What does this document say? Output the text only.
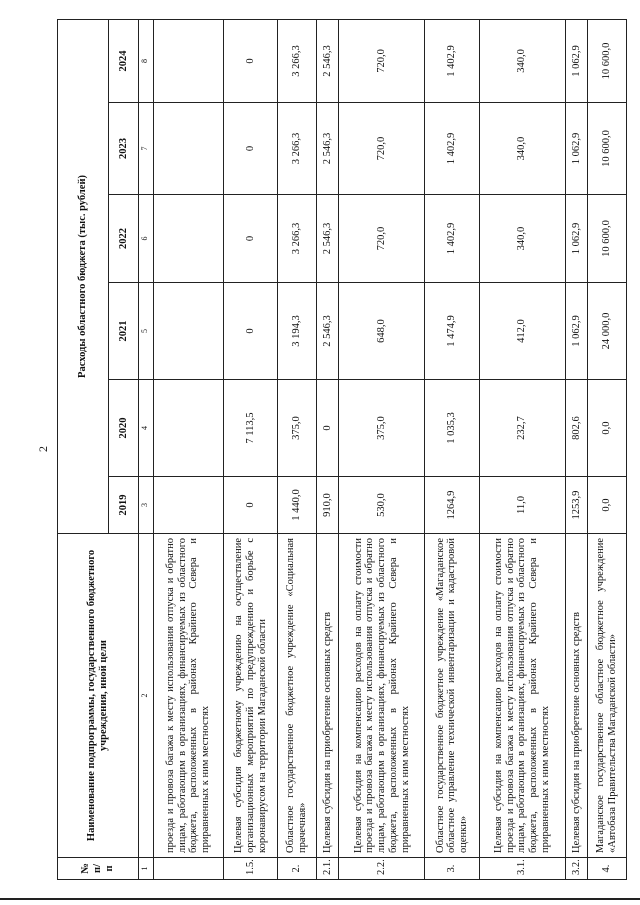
2
№ п/п	Наименование подпрограммы, государственного бюджетного учреждения, иной цели	Расходы областного бюджета (тыс. рублей)					
		2019	2020	2021	2022	2023	2024
1	2	3	4	5	6	7	8
	проезда и провоза багажа к месту использования отпуска и обратно лицам, работающим в организациях, финансируемых из областного бюджета, расположенных в районах Крайнего Севера и приравненных к ним местностях						
1.5.	Целевая субсидия бюджетному учреждению на осуществление организационных мероприятий по предупреждению и борьбе с коронавирусом на территории Магаданской области	0	7 113,5	0	0	0	0
2.	Областное государственное бюджетное учреждение «Социальная прачечная»	1 440,0	375,0	3 194,3	3 266,3	3 266,3	3 266,3
2.1.	Целевая субсидия на приобретение основных средств	910,0	0	2 546,3	2 546,3	2 546,3	2 546,3
2.2.	Целевая субсидия на компенсацию расходов на оплату стоимости проезда и провоза багажа к месту использования отпуска и обратно лицам, работающим в организациях, финансируемых из областного бюджета, расположенных в районах Крайнего Севера и приравненных к ним местностях	530,0	375,0	648,0	720,0	720,0	720,0
3.	Областное государственное бюджетное учреждение «Магаданское областное управление технической инвентаризации и кадастровой оценки»	1264,9	1 035,3	1 474,9	1 402,9	1 402,9	1 402,9
3.1.	Целевая субсидия на компенсацию расходов на оплату стоимости проезда и провоза багажа к месту использования отпуска и обратно лицам, работающим в организациях, финансируемых из областного бюджета, расположенных в районах Крайнего Севера и приравненных к ним местностях	11,0	232,7	412,0	340,0	340,0	340,0
3.2.	Целевая субсидия на приобретение основных средств	1253,9	802,6	1 062,9	1 062,9	1 062,9	1 062,9
4.	Магаданское государственное областное бюджетное учреждение «Автобаза Правительства Магаданской области»	0,0	0,0	24 000,0	10 600,0	10 600,0	10 600,0
